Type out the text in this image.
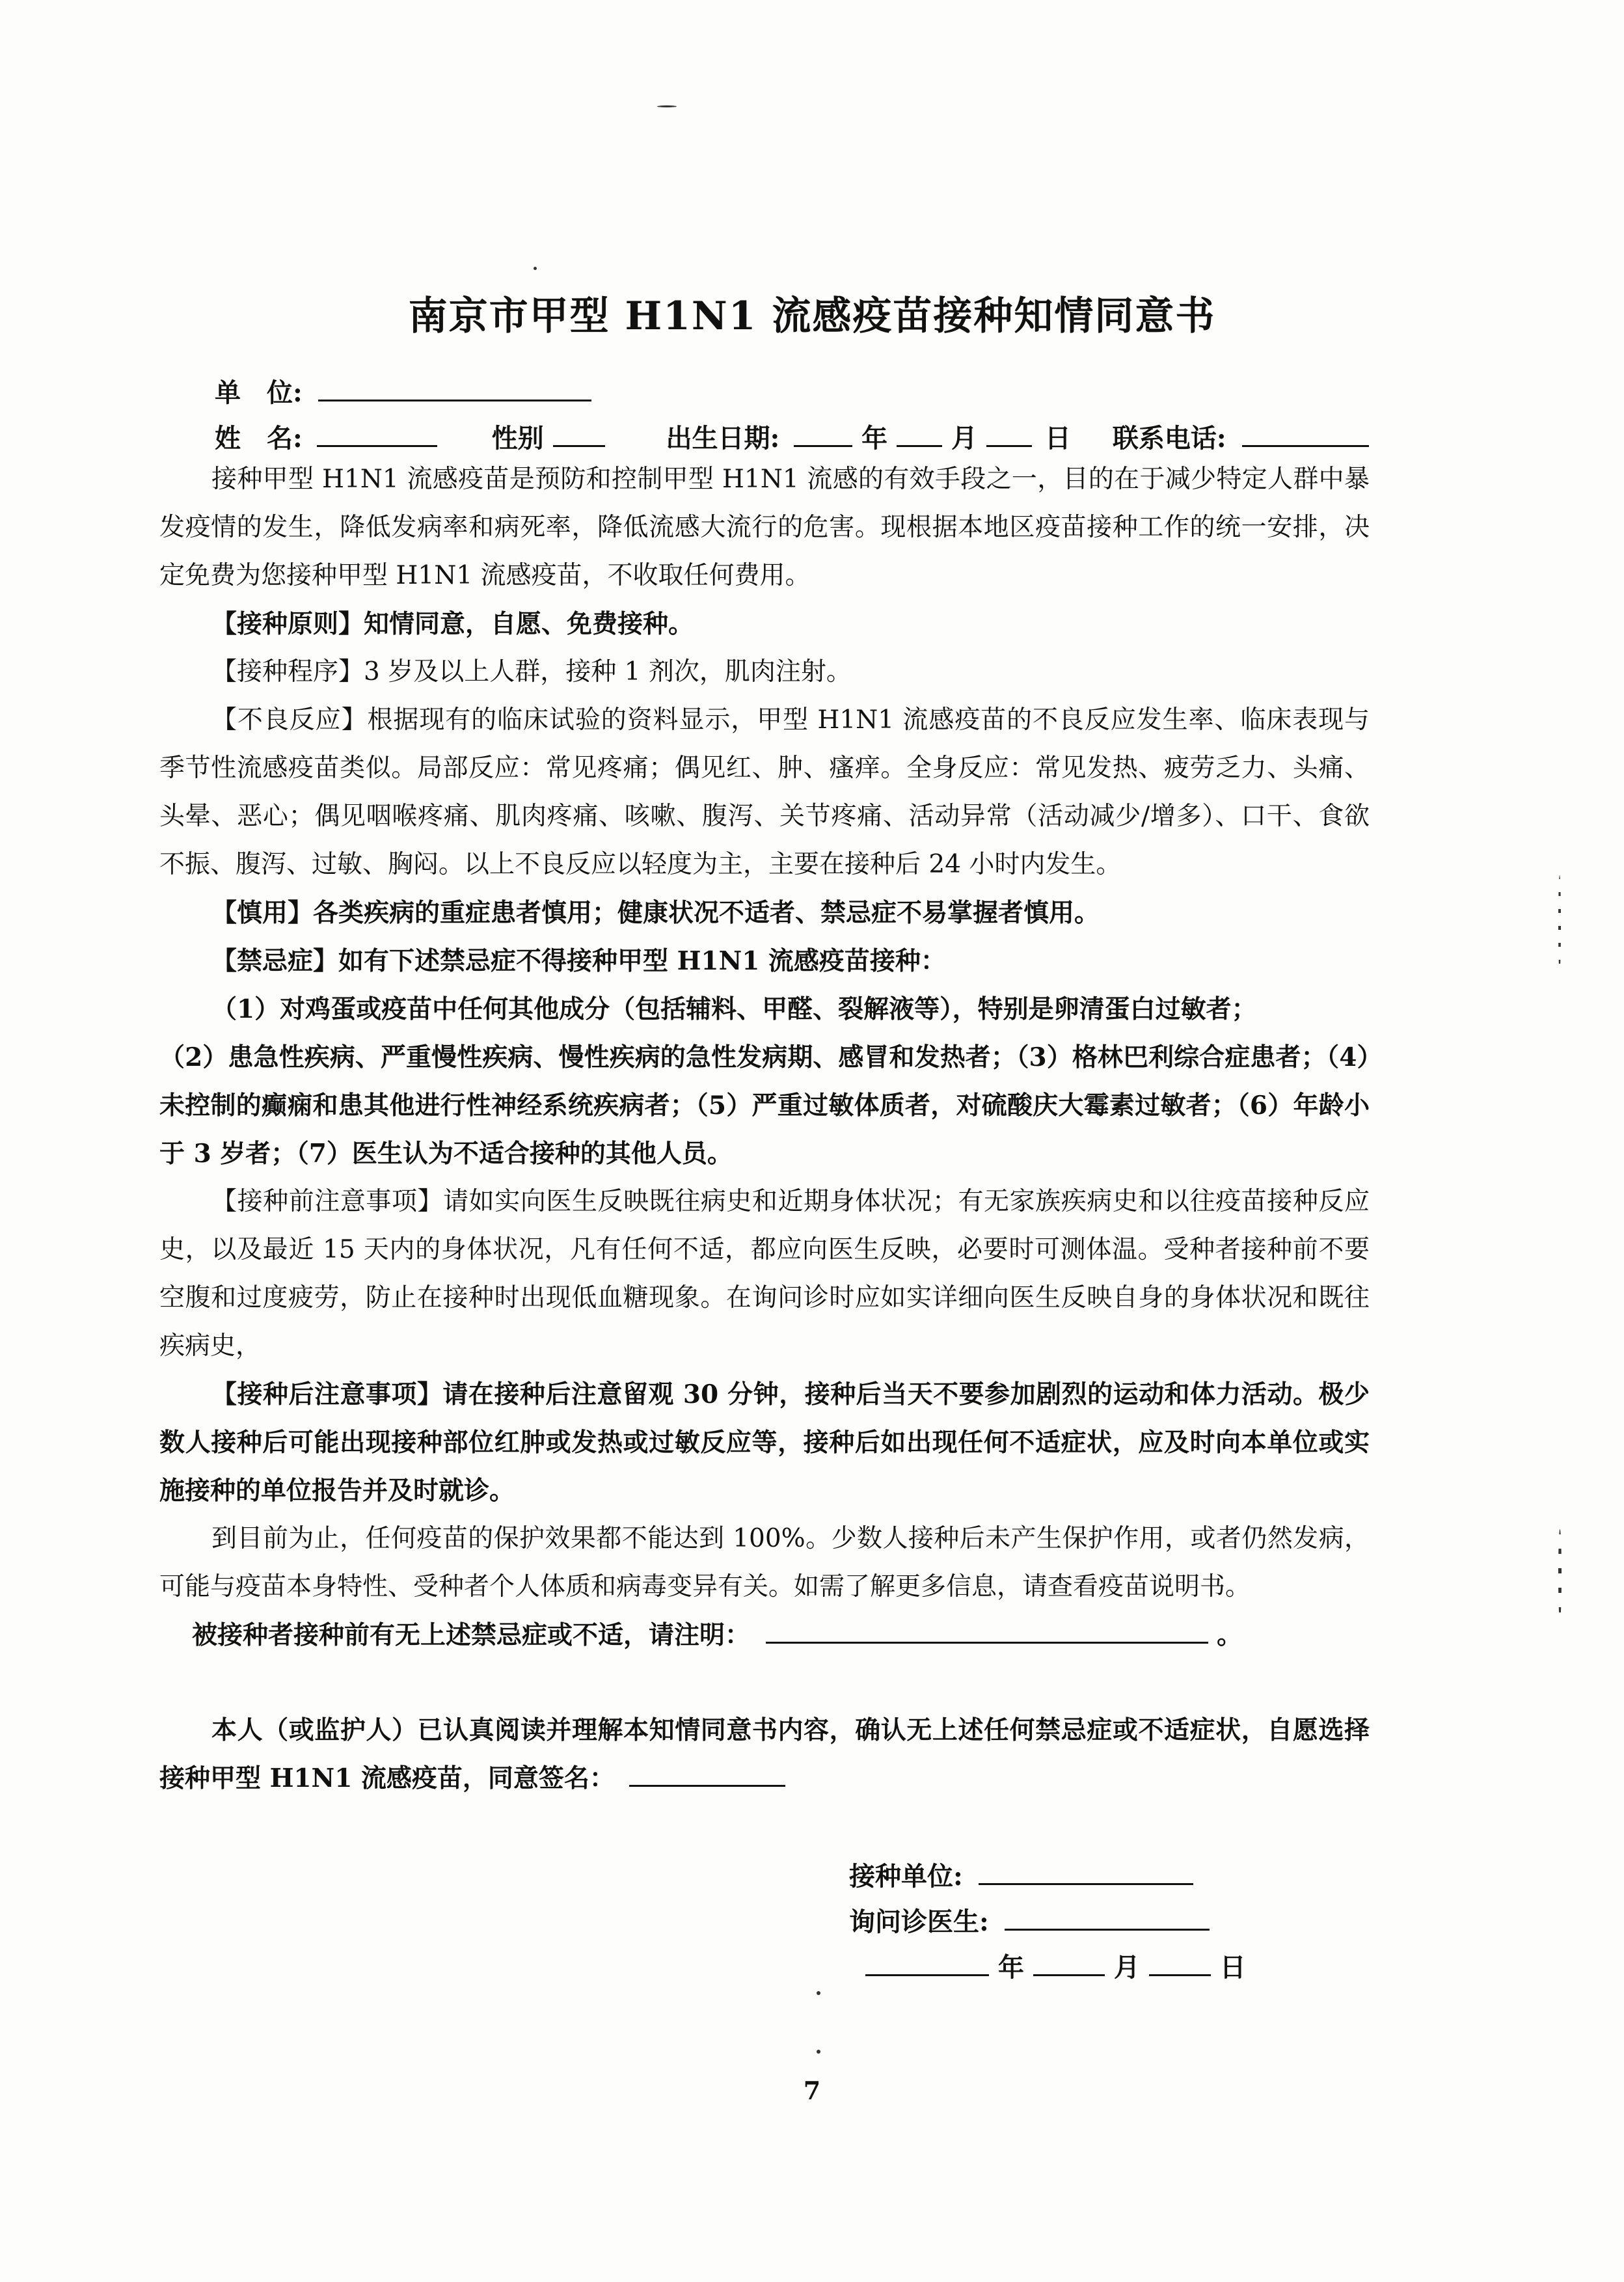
南京市甲型 H1N1 流感疫苗接种知情同意书
单　位:
姓　名:	性别	出生日期:	年 月	日 联系电话:

接种甲型 H1N1 流感疫苗是预防和控制甲型 H1N1 流感的有效手段之一，目的在于减少特定人群中暴发疫情的发生，降低发病率和病死率，降低流感大流行的危害。现根据本地区疫苗接种工作的统一安排，决定免费为您接种甲型 H1N1 流感疫苗，不收取任何费用。

【接种原则】知情同意，自愿、免费接种。

【接种程序】3 岁及以上人群，接种 1 剂次，肌肉注射。

【不良反应】根据现有的临床试验的资料显示，甲型 H1N1 流感疫苗的不良反应发生率、临床表现与季节性流感疫苗类似。局部反应：常见疼痛；偶见红、肿、瘙痒。全身反应：常见发热、疲劳乏力、头痛、头晕、恶心；偶见咽喉疼痛、肌肉疼痛、咳嗽、腹泻、关节疼痛、活动异常（活动减少/增多）、口干、食欲不振、腹泻、过敏、胸闷。以上不良反应以轻度为主，主要在接种后 24 小时内发生。

【慎用】各类疾病的重症患者慎用；健康状况不适者、禁忌症不易掌握者慎用。

【禁忌症】如有下述禁忌症不得接种甲型 H1N1 流感疫苗接种：

（1）对鸡蛋或疫苗中任何其他成分（包括辅料、甲醛、裂解液等），特别是卵清蛋白过敏者；

（2）患急性疾病、严重慢性疾病、慢性疾病的急性发病期、感冒和发热者；（3）格林巴利综合症患者；（4）未控制的癫痫和患其他进行性神经系统疾病者；（5）严重过敏体质者，对硫酸庆大霉素过敏者；（6）年龄小于 3 岁者；（7）医生认为不适合接种的其他人员。

【接种前注意事项】请如实向医生反映既往病史和近期身体状况；有无家族疾病史和以往疫苗接种反应史，以及最近 15 天内的身体状况，凡有任何不适，都应向医生反映，必要时可测体温。受种者接种前不要空腹和过度疲劳，防止在接种时出现低血糖现象。在询问诊时应如实详细向医生反映自身的身体状况和既往疾病史，

【接种后注意事项】请在接种后注意留观 30 分钟，接种后当天不要参加剧烈的运动和体力活动。极少数人接种后可能出现接种部位红肿或发热或过敏反应等，接种后如出现任何不适症状，应及时向本单位或实施接种的单位报告并及时就诊。

到目前为止，任何疫苗的保护效果都不能达到 100%。少数人接种后未产生保护作用，或者仍然发病，可能与疫苗本身特性、受种者个人体质和病毒变异有关。如需了解更多信息，请查看疫苗说明书。

被接种者接种前有无上述禁忌症或不适，请注明：	。

本人（或监护人）已认真阅读并理解本知情同意书内容，确认无上述任何禁忌症或不适症状，自愿选择接种甲型 H1N1 流感疫苗，同意签名：

接种单位:
询问诊医生:
年	月	日
7
